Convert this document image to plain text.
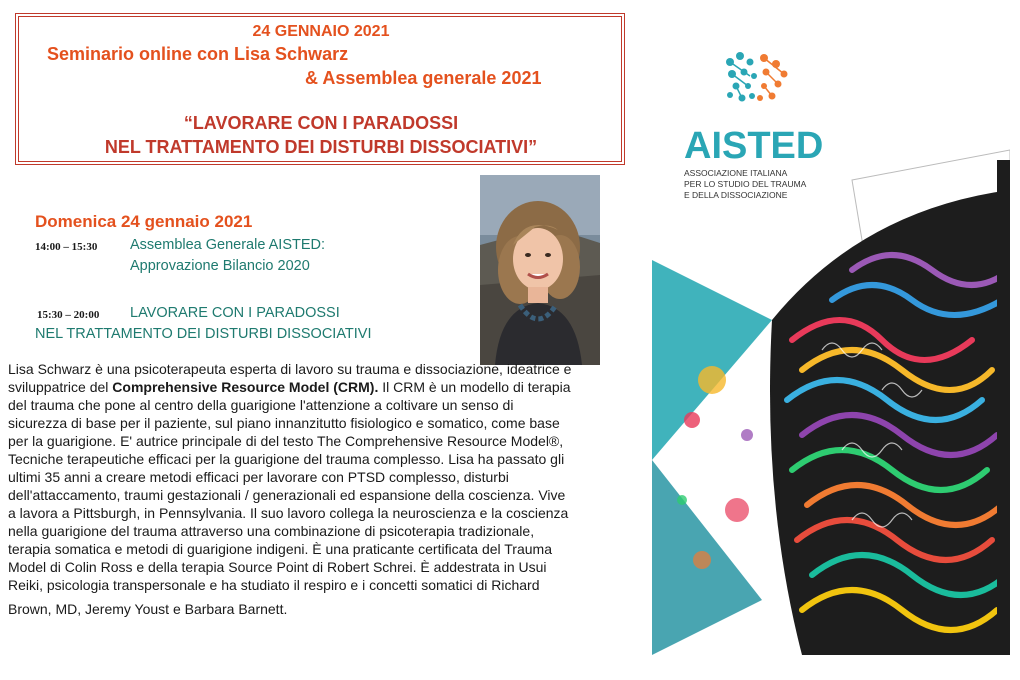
24 GENNAIO 2021
Seminario online con Lisa Schwarz
& Assemblea generale 2021
“LAVORARE CON I PARADOSSI
NEL TRATTAMENTO DEI DISTURBI DISSOCIATIVI”
Domenica 24 gennaio 2021
14:00 – 15:30 Assemblea Generale AISTED:
Approvazione Bilancio 2020
15:30 – 20:00 LAVORARE CON I PARADOSSI
NEL TRATTAMENTO DEI DISTURBI DISSOCIATIVI

Lisa Schwarz è una psicoterapeuta esperta di lavoro su trauma e dissociazione, ideatrice e sviluppatrice del Comprehensive Resource Model (CRM). Il CRM è un modello di terapia del trauma che pone al centro della guarigione l'attenzione a coltivare un senso di sicurezza di base per il paziente, sul piano innanzitutto fisiologico e somatico, come base per la guarigione. E' autrice principale di del testo The Comprehensive Resource Model®, Tecniche terapeutiche efficaci per la guarigione del trauma complesso. Lisa ha passato gli ultimi 35 anni a creare metodi efficaci per lavorare con PTSD complesso, disturbi dell'attaccamento, traumi gestazionali / generazionali ed espansione della coscienza. Vive a lavora a Pittsburgh, in Pennsylvania. Il suo lavoro collega la neuroscienza e la coscienza nella guarigione del trauma attraverso una combinazione di psicoterapia tradizionale, terapia somatica e metodi di guarigione indigeni. È una praticante certificata del Trauma Model di Colin Ross e della terapia Source Point di Robert Schrei. È addestrata in Usui Reiki, psicologia transpersonale e ha studiato il respiro e i concetti somatici di Richard

Brown, MD, Jeremy Youst e Barbara Barnett.

AISTED
ASSOCIAZIONE ITALIANA
PER LO STUDIO DEL TRAUMA
E DELLA DISSOCIAZIONE
